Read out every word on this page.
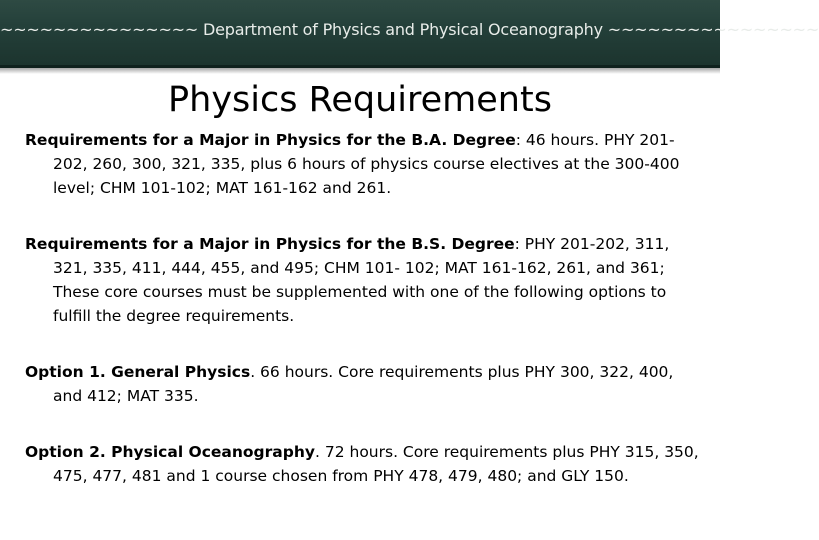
~~~~~~~~~~~~~~~ Department of Physics and Physical Oceanography ~~~~~~~~~~~~~~~~
Physics Requirements

Requirements for a Major in Physics for the B.A. Degree: 46 hours. PHY 201-202, 260, 300, 321, 335, plus 6 hours of physics course electives at the 300-400 level; CHM 101-102; MAT 161-162 and 261.

Requirements for a Major in Physics for the B.S. Degree: PHY 201-202, 311, 321, 335, 411, 444, 455, and 495; CHM 101- 102; MAT 161-162, 261, and 361; These core courses must be supplemented with one of the following options to fulfill the degree requirements.

Option 1. General Physics. 66 hours. Core requirements plus PHY 300, 322, 400, and 412; MAT 335.

Option 2. Physical Oceanography. 72 hours. Core requirements plus PHY 315, 350, 475, 477, 481 and 1 course chosen from PHY 478, 479, 480; and GLY 150.
